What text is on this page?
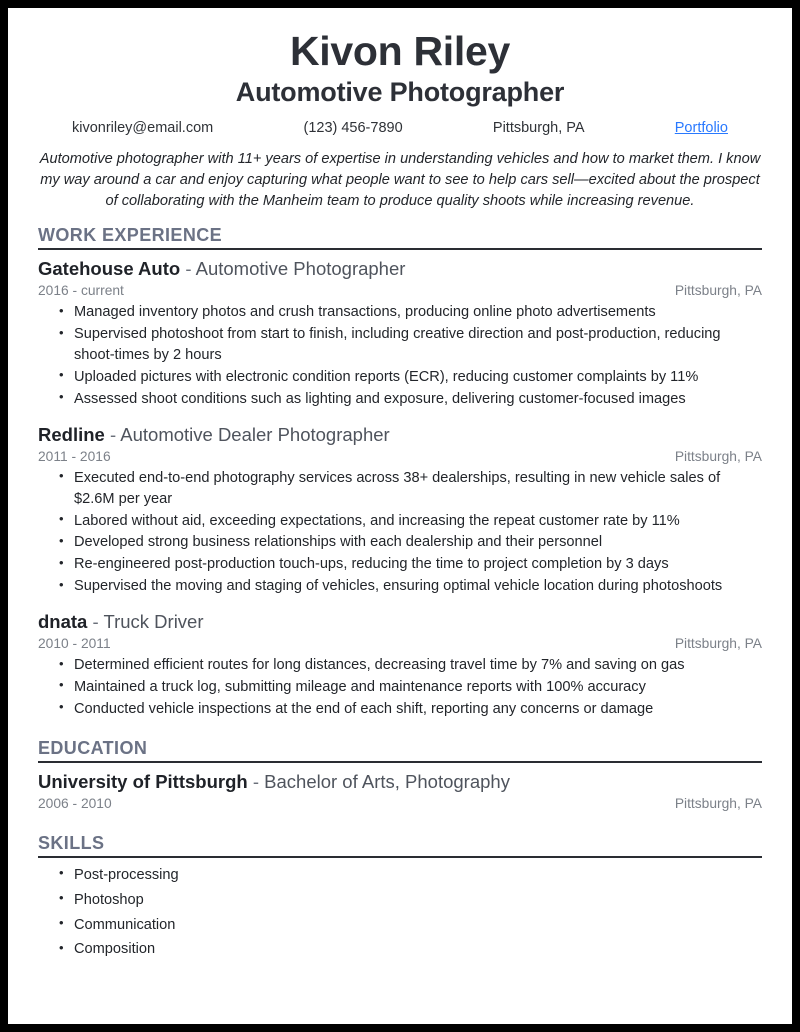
Kivon Riley
Automotive Photographer
kivonriley@email.com	(123) 456-7890	Pittsburgh, PA	Portfolio

Automotive photographer with 11+ years of expertise in understanding vehicles and how to market them. I know my way around a car and enjoy capturing what people want to see to help cars sell—excited about the prospect of collaborating with the Manheim team to produce quality shoots while increasing revenue.

WORK EXPERIENCE
Gatehouse Auto - Automotive Photographer
2016 - current	Pittsburgh, PA
• Managed inventory photos and crush transactions, producing online photo advertisements
• Supervised photoshoot from start to finish, including creative direction and post-production, reducing shoot-times by 2 hours
• Uploaded pictures with electronic condition reports (ECR), reducing customer complaints by 11%
• Assessed shoot conditions such as lighting and exposure, delivering customer-focused images
Redline - Automotive Dealer Photographer
2011 - 2016	Pittsburgh, PA
• Executed end-to-end photography services across 38+ dealerships, resulting in new vehicle sales of $2.6M per year
• Labored without aid, exceeding expectations, and increasing the repeat customer rate by 11%
• Developed strong business relationships with each dealership and their personnel
• Re-engineered post-production touch-ups, reducing the time to project completion by 3 days
• Supervised the moving and staging of vehicles, ensuring optimal vehicle location during photoshoots
dnata - Truck Driver
2010 - 2011	Pittsburgh, PA
• Determined efficient routes for long distances, decreasing travel time by 7% and saving on gas
• Maintained a truck log, submitting mileage and maintenance reports with 100% accuracy
• Conducted vehicle inspections at the end of each shift, reporting any concerns or damage
EDUCATION
University of Pittsburgh - Bachelor of Arts, Photography
2006 - 2010	Pittsburgh, PA
SKILLS
• Post-processing
• Photoshop
• Communication
• Composition
